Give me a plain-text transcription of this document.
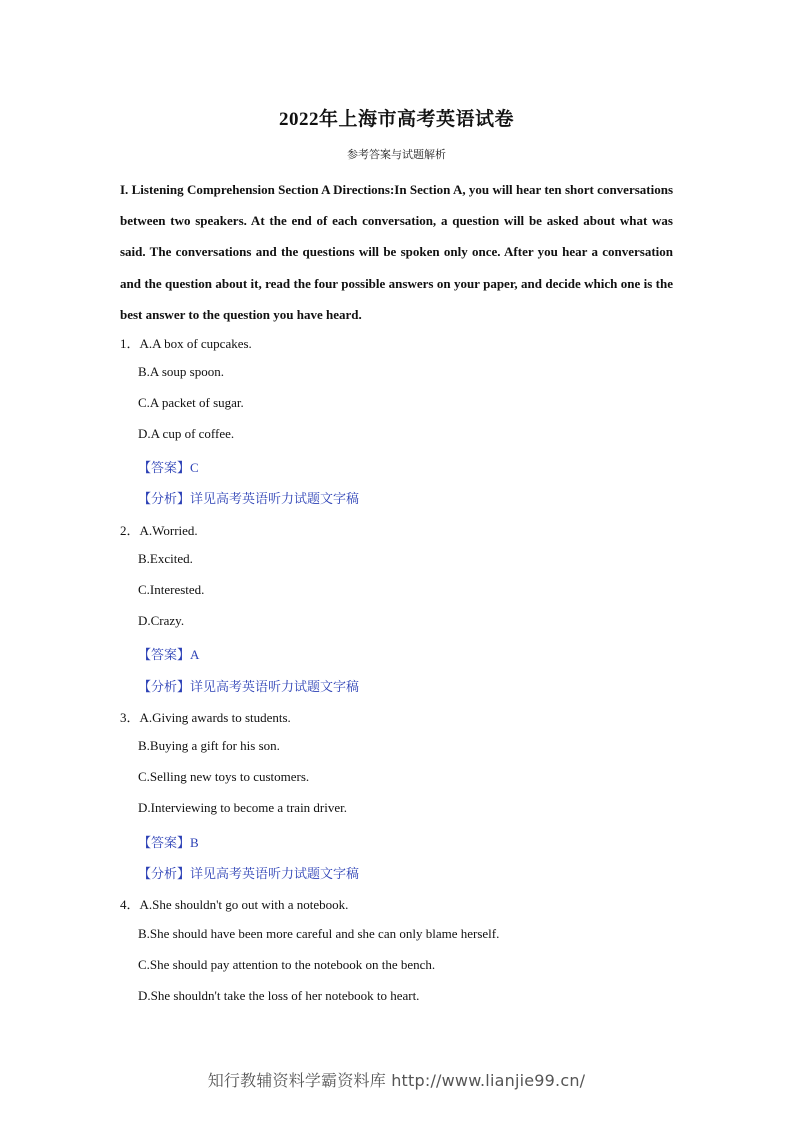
2022年上海市高考英语试卷
参考答案与试题解析
I. Listening Comprehension Section A Directions:In Section A, you will hear ten short conversations between two speakers. At the end of each conversation, a question will be asked about what was said. The conversations and the questions will be spoken only once. After you hear a conversation and the question about it, read the four possible answers on your paper, and decide which one is the best answer to the question you have heard.
1．A.A box of cupcakes.
B.A soup spoon.
C.A packet of sugar.
D.A cup of coffee.
【答案】C
【分析】详见高考英语听力试题文字稿
2．A.Worried.
B.Excited.
C.Interested.
D.Crazy.
【答案】A
【分析】详见高考英语听力试题文字稿
3．A.Giving awards to students.
B.Buying a gift for his son.
C.Selling new toys to customers.
D.Interviewing to become a train driver.
【答案】B
【分析】详见高考英语听力试题文字稿
4．A.She shouldn't go out with a notebook.
B.She should have been more careful and she can only blame herself.
C.She should pay attention to the notebook on the bench.
D.She shouldn't take the loss of her notebook to heart.
知行教辅资料学霸资料库 http://www.lianjie99.cn/
